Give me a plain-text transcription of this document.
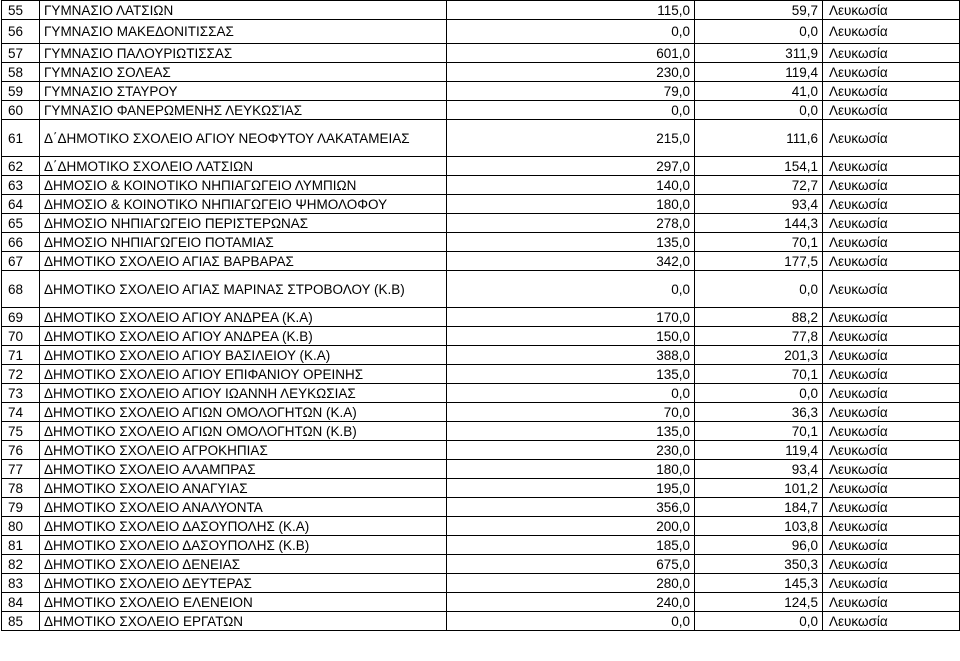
55	ΓΥΜΝΑΣΙΟ ΛΑΤΣΙΩΝ	115,0	59,7	Λευκωσία
56	ΓΥΜΝΑΣΙΟ ΜΑΚΕΔΟΝΙΤΙΣΣΑΣ	0,0	0,0	Λευκωσία
57	ΓΥΜΝΑΣΙΟ ΠΑΛΟΥΡΙΩΤΙΣΣΑΣ	601,0	311,9	Λευκωσία
58	ΓΥΜΝΑΣΙΟ ΣΟΛΕΑΣ	230,0	119,4	Λευκωσία
59	ΓΥΜΝΑΣΙΟ ΣΤΑΥΡΟΥ	79,0	41,0	Λευκωσία
60	ΓΥΜΝΑΣΙΟ ΦΑΝΕΡΩΜΕΝΗΣ ΛΕΥΚΩΣΊΑΣ	0,0	0,0	Λευκωσία
61	Δ΄ΔΗΜΟΤΙΚΟ ΣΧΟΛΕΙΟ ΑΓΙΟΥ ΝΕΟΦΥΤΟΥ ΛΑΚΑΤΑΜΕΙΑΣ	215,0	111,6	Λευκωσία
62	Δ΄ΔΗΜΟΤΙΚΟ ΣΧΟΛΕΙΟ ΛΑΤΣΙΩΝ	297,0	154,1	Λευκωσία
63	ΔΗΜΟΣΙΟ & ΚΟΙΝΟΤΙΚΟ ΝΗΠΙΑΓΩΓΕΙΟ ΛΥΜΠΙΩΝ	140,0	72,7	Λευκωσία
64	ΔΗΜΟΣΙΟ & ΚΟΙΝΟΤΙΚΟ ΝΗΠΙΑΓΩΓΕΙΟ ΨΗΜΟΛΟΦΟΥ	180,0	93,4	Λευκωσία
65	ΔΗΜΟΣΙΟ ΝΗΠΙΑΓΩΓΕΙΟ ΠΕΡΙΣΤΕΡΩΝΑΣ	278,0	144,3	Λευκωσία
66	ΔΗΜΟΣΙΟ ΝΗΠΙΑΓΩΓΕΙΟ ΠΟΤΑΜΙΑΣ	135,0	70,1	Λευκωσία
67	ΔΗΜΟΤΙΚΟ ΣΧΟΛΕΙΟ ΑΓΙΑΣ ΒΑΡΒΑΡΑΣ	342,0	177,5	Λευκωσία
68	ΔΗΜΟΤΙΚΟ ΣΧΟΛΕΙΟ ΑΓΙΑΣ ΜΑΡΙΝΑΣ ΣΤΡΟΒΟΛΟΥ (Κ.Β)	0,0	0,0	Λευκωσία
69	ΔΗΜΟΤΙΚΟ ΣΧΟΛΕΙΟ ΑΓΙΟΥ ΑΝΔΡΕΑ (Κ.Α)	170,0	88,2	Λευκωσία
70	ΔΗΜΟΤΙΚΟ ΣΧΟΛΕΙΟ ΑΓΙΟΥ ΑΝΔΡΕΑ (Κ.Β)	150,0	77,8	Λευκωσία
71	ΔΗΜΟΤΙΚΟ ΣΧΟΛΕΙΟ ΑΓΙΟΥ ΒΑΣΙΛΕΙΟΥ (Κ.Α)	388,0	201,3	Λευκωσία
72	ΔΗΜΟΤΙΚΟ ΣΧΟΛΕΙΟ ΑΓΙΟΥ ΕΠΙΦΑΝΙΟΥ ΟΡΕΙΝΗΣ	135,0	70,1	Λευκωσία
73	ΔΗΜΟΤΙΚΟ ΣΧΟΛΕΙΟ ΑΓΙΟΥ ΙΩΑΝΝΗ ΛΕΥΚΩΣΙΑΣ	0,0	0,0	Λευκωσία
74	ΔΗΜΟΤΙΚΟ ΣΧΟΛΕΙΟ ΑΓΙΩΝ ΟΜΟΛΟΓΗΤΩΝ (Κ.Α)	70,0	36,3	Λευκωσία
75	ΔΗΜΟΤΙΚΟ ΣΧΟΛΕΙΟ ΑΓΙΩΝ ΟΜΟΛΟΓΗΤΩΝ (Κ.Β)	135,0	70,1	Λευκωσία
76	ΔΗΜΟΤΙΚΟ ΣΧΟΛΕΙΟ ΑΓΡΟΚΗΠΙΑΣ	230,0	119,4	Λευκωσία
77	ΔΗΜΟΤΙΚΟ ΣΧΟΛΕΙΟ ΑΛΑΜΠΡΑΣ	180,0	93,4	Λευκωσία
78	ΔΗΜΟΤΙΚΟ ΣΧΟΛΕΙΟ ΑΝΑΓΥΙΑΣ	195,0	101,2	Λευκωσία
79	ΔΗΜΟΤΙΚΟ ΣΧΟΛΕΙΟ ΑΝΑΛΥΟΝΤΑ	356,0	184,7	Λευκωσία
80	ΔΗΜΟΤΙΚΟ ΣΧΟΛΕΙΟ ΔΑΣΟΥΠΟΛΗΣ (Κ.Α)	200,0	103,8	Λευκωσία
81	ΔΗΜΟΤΙΚΟ ΣΧΟΛΕΙΟ ΔΑΣΟΥΠΟΛΗΣ (Κ.Β)	185,0	96,0	Λευκωσία
82	ΔΗΜΟΤΙΚΟ ΣΧΟΛΕΙΟ ΔΕΝΕΙΑΣ	675,0	350,3	Λευκωσία
83	ΔΗΜΟΤΙΚΟ ΣΧΟΛΕΙΟ ΔΕΥΤΕΡΑΣ	280,0	145,3	Λευκωσία
84	ΔΗΜΟΤΙΚΟ ΣΧΟΛΕΙΟ ΕΛΕΝΕΙΟΝ	240,0	124,5	Λευκωσία
85	ΔΗΜΟΤΙΚΟ ΣΧΟΛΕΙΟ ΕΡΓΑΤΩΝ	0,0	0,0	Λευκωσία
